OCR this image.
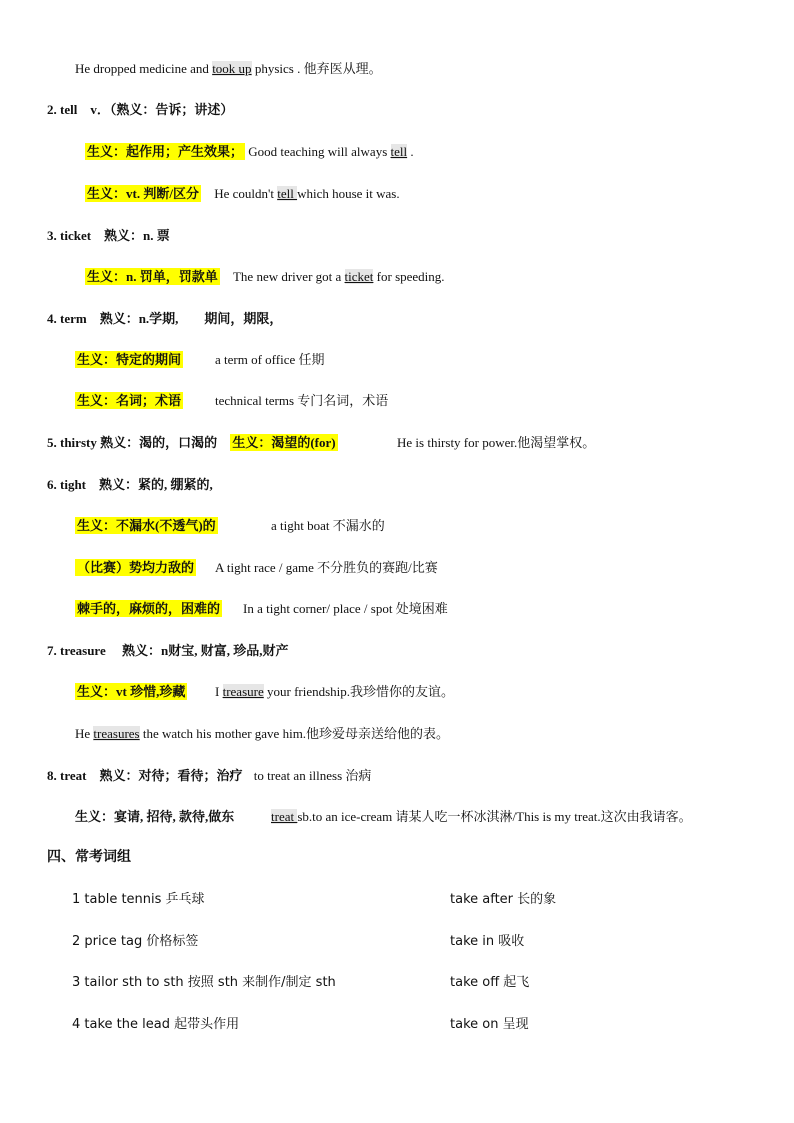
He dropped medicine and took up physics . 他弃医从理。
2. tell　v．（熟义：告诉；讲述）
生义：起作用；产生效果； Good teaching will always tell .
生义：vt. 判断/区分 He couldn't tell which house it was.
3. ticket　熟义：n. 票
生义：n. 罚单，罚款单 The new driver got a ticket for speeding.
4. term　熟义：n.学期,　　期间，期限，
生义：特定的期间	a term of office 任期
生义：名词；术语	technical terms 专门名词，术语
5. thirsty 熟义：渴的，口渴的 生义：渴望的(for)	He is thirsty for power.他渴望掌权。
6. tight　熟义：紧的, 绷紧的,
生义：不漏水(不透气)的	a tight boat 不漏水的
（比赛）势均力敌的 A tight race / game 不分胜负的赛跑/比赛
棘手的，麻烦的，困难的 In a tight corner/ place / spot 处境困难
7. treasure　 熟义：n财宝, 财富, 珍品,财产
生义：vt 珍惜,珍藏 I treasure your friendship.我珍惜你的友谊。
He treasures the watch his mother gave him.他珍爱母亲送给他的表。
8. treat　熟义：对待；看待；治疗 to treat an illness 治病
生义：宴请, 招待, 款待,做东	treat sb.to an ice-cream 请某人吃一杯冰淇淋/This is my treat.这次由我请客。
四、常考词组
1 table tennis 乒乓球	take after 长的象
2 price tag 价格标签	take in 吸收
3 tailor sth to sth 按照 sth 来制作/制定 sth	take off 起飞
4 take the lead 起带头作用	take on 呈现
